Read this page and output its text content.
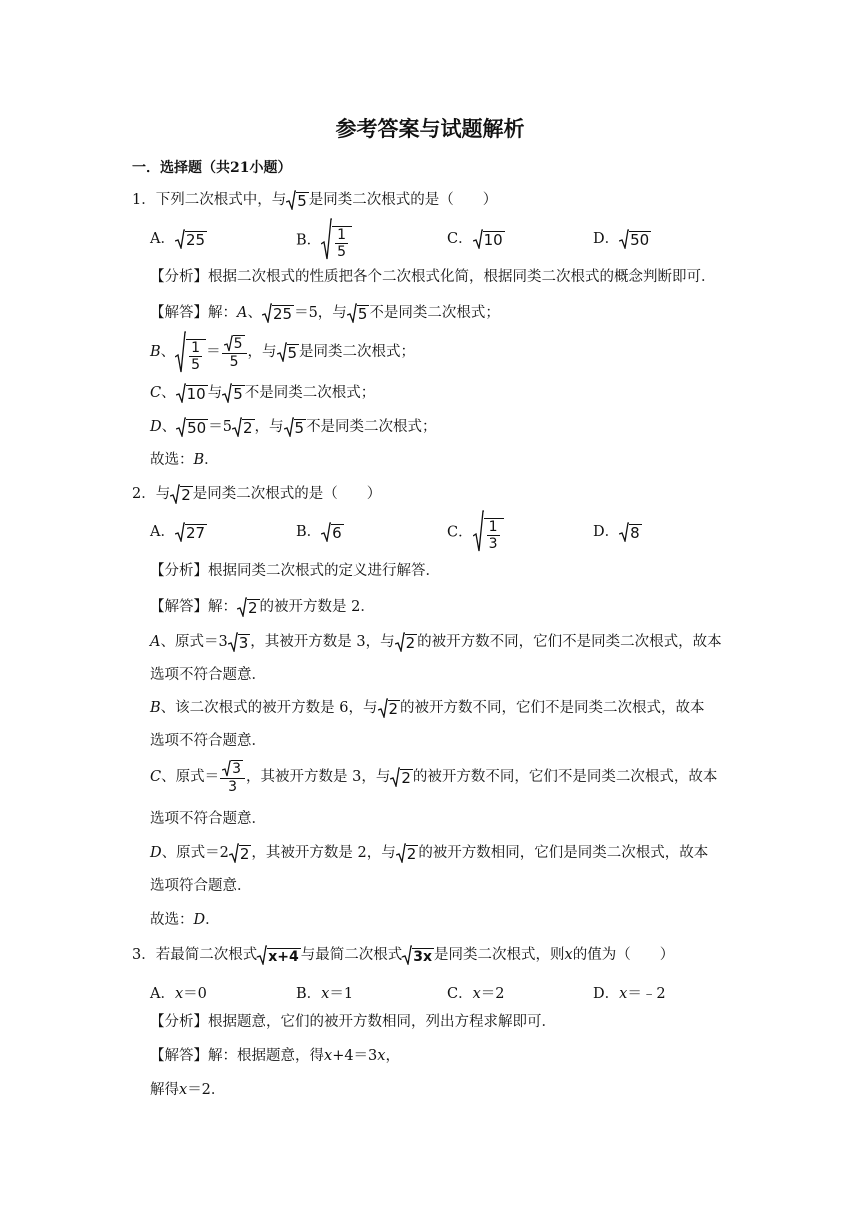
参考答案与试题解析
一．选择题（共21小题）
1．下列二次根式中，与 5 是同类二次根式的是（　　）
A． 25	B． $\frac{1}{5}$	C． 10	D． 50
【分析】根据二次根式的性质把各个二次根式化简，根据同类二次根式的概念判断即可．
【解答】解：A、 25 ＝5，与 5 不是同类二次根式；
B、 $\frac{1}{5} = \frac{5}{5}$ ，与 5 是同类二次根式；
C、 10 与 5 不是同类二次根式；
D、 50 ＝5 2 ，与 5 不是同类二次根式；
故选：B．
2．与 2 是同类二次根式的是（　　）
A． 27	B． 6	C． $\frac{1}{3}$	D． 8
【分析】根据同类二次根式的定义进行解答．
【解答】解： 2 的被开方数是 2．
A、原式＝3 3 ，其被开方数是 3，与 2 的被开方数不同，它们不是同类二次根式，故本
选项不符合题意．
B、该二次根式的被开方数是 6，与 2 的被开方数不同，它们不是同类二次根式，故本
选项不符合题意．
C、原式＝ $\frac{3}{3}$ ，其被开方数是 3，与 2 的被开方数不同，它们不是同类二次根式，故本
选项不符合题意．
D、原式＝2 2 ，其被开方数是 2，与 2 的被开方数相同，它们是同类二次根式，故本
选项符合题意．
故选：D．
3．若最简二次根式 x+4 与最简二次根式 3x 是同类二次根式，则x的值为（　　）
A．x＝0	B．x＝1	C．x＝2	D．x＝﹣2
【分析】根据题意，它们的被开方数相同，列出方程求解即可．
【解答】解：根据题意，得x+4＝3x，
解得x＝2．
